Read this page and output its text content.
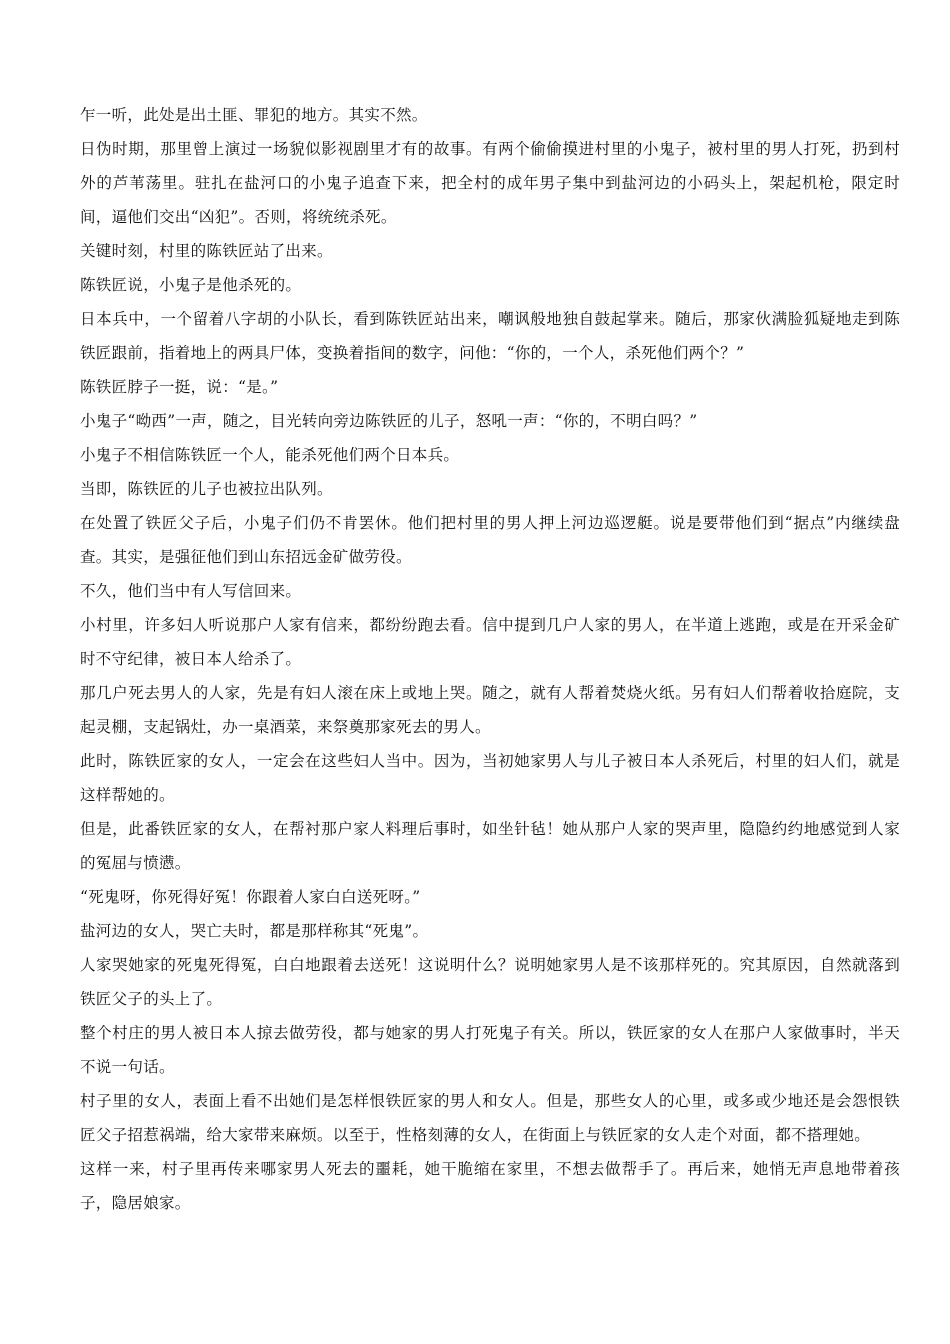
乍一听，此处是出土匪、罪犯的地方。其实不然。

日伪时期，那里曾上演过一场貌似影视剧里才有的故事。有两个偷偷摸进村里的小鬼子，被村里的男人打死，扔到村外的芦苇荡里。驻扎在盐河口的小鬼子追查下来，把全村的成年男子集中到盐河边的小码头上，架起机枪，限定时间，逼他们交出“凶犯”。否则，将统统杀死。

关键时刻，村里的陈铁匠站了出来。

陈铁匠说，小鬼子是他杀死的。

日本兵中，一个留着八字胡的小队长，看到陈铁匠站出来，嘲讽般地独自鼓起掌来。随后，那家伙满脸狐疑地走到陈铁匠跟前，指着地上的两具尸体，变换着指间的数字，问他：“你的，一个人，杀死他们两个？”

陈铁匠脖子一挺，说：“是。”

小鬼子“呦西”一声，随之，目光转向旁边陈铁匠的儿子，怒吼一声：“你的，不明白吗？”

小鬼子不相信陈铁匠一个人，能杀死他们两个日本兵。

当即，陈铁匠的儿子也被拉出队列。

在处置了铁匠父子后，小鬼子们仍不肯罢休。他们把村里的男人押上河边巡逻艇。说是要带他们到“据点”内继续盘查。其实，是强征他们到山东招远金矿做劳役。

不久，他们当中有人写信回来。

小村里，许多妇人听说那户人家有信来，都纷纷跑去看。信中提到几户人家的男人，在半道上逃跑，或是在开采金矿时不守纪律，被日本人给杀了。

那几户死去男人的人家，先是有妇人滚在床上或地上哭。随之，就有人帮着焚烧火纸。另有妇人们帮着收拾庭院，支起灵棚，支起锅灶，办一桌酒菜，来祭奠那家死去的男人。

此时，陈铁匠家的女人，一定会在这些妇人当中。因为，当初她家男人与儿子被日本人杀死后，村里的妇人们，就是这样帮她的。

但是，此番铁匠家的女人，在帮衬那户家人料理后事时，如坐针毡！她从那户人家的哭声里，隐隐约约地感觉到人家的冤屈与愤懑。

“死鬼呀，你死得好冤！你跟着人家白白送死呀。”

盐河边的女人，哭亡夫时，都是那样称其“死鬼”。

人家哭她家的死鬼死得冤，白白地跟着去送死！这说明什么？说明她家男人是不该那样死的。究其原因，自然就落到铁匠父子的头上了。

整个村庄的男人被日本人掠去做劳役，都与她家的男人打死鬼子有关。所以，铁匠家的女人在那户人家做事时，半天不说一句话。

村子里的女人，表面上看不出她们是怎样恨铁匠家的男人和女人。但是，那些女人的心里，或多或少地还是会怨恨铁匠父子招惹祸端，给大家带来麻烦。以至于，性格刻薄的女人，在街面上与铁匠家的女人走个对面，都不搭理她。

这样一来，村子里再传来哪家男人死去的噩耗，她干脆缩在家里，不想去做帮手了。再后来，她悄无声息地带着孩子，隐居娘家。
